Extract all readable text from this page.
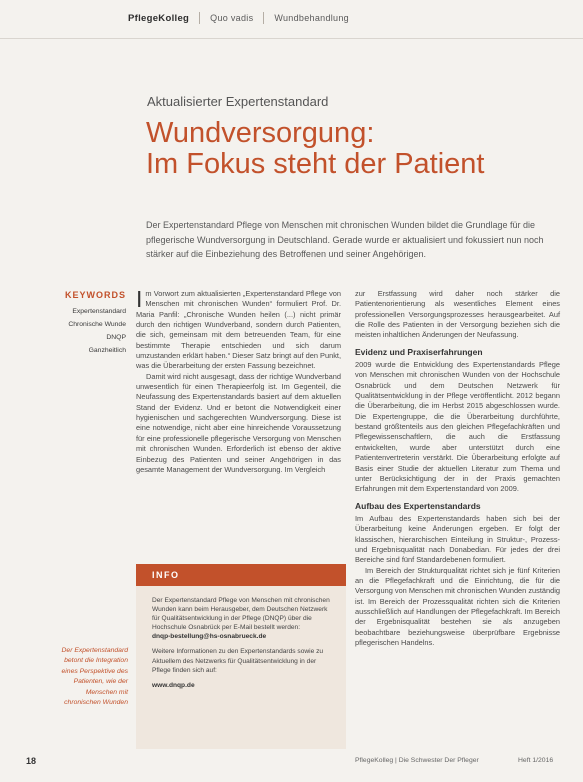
PflegeKolleg Quo vadis Wundbehandlung
Aktualisierter Expertenstandard
Wundversorgung:
Im Fokus steht der Patient
Der Expertenstandard Pflege von Menschen mit chronischen Wunden bildet die Grundlage für die pflegerische Wundversorgung in Deutschland. Gerade wurde er aktualisiert und fokussiert nun noch stärker auf die Einbeziehung des Betroffenen und seiner Angehörigen.
KEYWORDS
Expertenstandard
Chronische Wunde
DNQP
Ganzheitlich

Im Vorwort zum aktualisierten „Expertenstandard Pflege von Menschen mit chronischen Wunden“ formuliert Prof. Dr. Maria Panfil: „Chronische Wunden heilen (...) nicht primär durch den richtigen Wundverband, sondern durch Patienten, die sich, gemeinsam mit dem betreuenden Team, für eine bestimmte Therapie entschieden und sich darum umzustanden erklärt haben.“ Dieser Satz bringt auf den Punkt, was die Überarbeitung der ersten Fassung bezeichnet.

Damit wird nicht ausgesagt, dass der richtige Wundverband unwesentlich für einen Therapieerfolg ist. Im Gegenteil, die Neufassung des Expertenstandards basiert auf dem aktuellen Stand der Evidenz. Und er betont die Notwendigkeit einer hygienischen und sachgerechten Wundversorgung. Diese ist eine notwendige, nicht aber eine hinreichende Voraussetzung für eine professionelle pflegerische Versorgung von Menschen mit chronischen Wunden. Erforderlich ist ebenso der aktive Einbezug des Patienten und seiner Angehörigen in das gesamte Management der Wundversorgung. Im Vergleich

zur Erstfassung wird daher noch stärker die Patientenorientierung als wesentliches Element eines professionellen Versorgungsprozesses herausgearbeitet. Auf die Rolle des Patienten in der Versorgung beziehen sich die meisten inhaltlichen Änderungen der Neufassung.

Evidenz und Praxiserfahrungen

2009 wurde die Entwicklung des Expertenstandards Pflege von Menschen mit chronischen Wunden von der Hochschule Osnabrück und dem Deutschen Netzwerk für Qualitätsentwicklung in der Pflege veröffentlicht. 2012 begann die Überarbeitung, die im Herbst 2015 abgeschlossen wurde. Die Expertengruppe, die die Überarbeitung durchführte, bestand größtenteils aus den gleichen Pflegefachkräften und Pflegewissenschaftlern, die auch die Erstfassung entwickelten, wurde aber unterstützt durch eine Patientenvertreterin verstärkt. Die Überarbeitung erfolgte auf Basis einer Studie der aktuellen Literatur zum Thema und unter Berücksichtigung der in der Praxis gemachten Erfahrungen mit dem Expertenstandard von 2009.

Aufbau des Expertenstandards

Im Aufbau des Expertenstandards haben sich bei der Überarbeitung keine Änderungen ergeben. Er folgt der klassischen, hierarchischen Einteilung in Struktur-, Prozess- und Ergebnisqualität nach Donabedian. Für jedes der drei Bereiche sind fünf Standardebenen formuliert.

Im Bereich der Strukturqualität richtet sich je fünf Kriterien an die Pflegefachkraft und die Einrichtung, die für die Versorgung von Menschen mit chronischen Wunden zuständig ist. Im Bereich der Prozessqualität richten sich die Kriterien ausschließlich auf Handlungen der Pflegefachkraft. Im Bereich der Ergebnisqualität bestehen sie als anzugeben beobachtbare beziehungsweise überprüfbare Ergebnisse pflegerischen Handelns.

INFO

Der Expertenstandard Pflege von Menschen mit chronischen Wunden kann beim Herausgeber, dem Deutschen Netzwerk für Qualitätsentwicklung in der Pflege (DNQP) über die Hochschule Osnabrück per E-Mail bestellt werden:
dnqp-bestellung@hs-osnabrueck.de

Weitere Informationen zu den Expertenstandards sowie zu Aktuellem des Netzwerks für Qualitätsentwicklung in der Pflege finden sich auf:

www.dnqp.de

Der Expertenstandard betont die Integration eines Perspektive des Patienten, wie der Menschen mit chronischen Wunden
18	PflegeKolleg | Die Schwester Der Pfleger	Heft 1/2016
